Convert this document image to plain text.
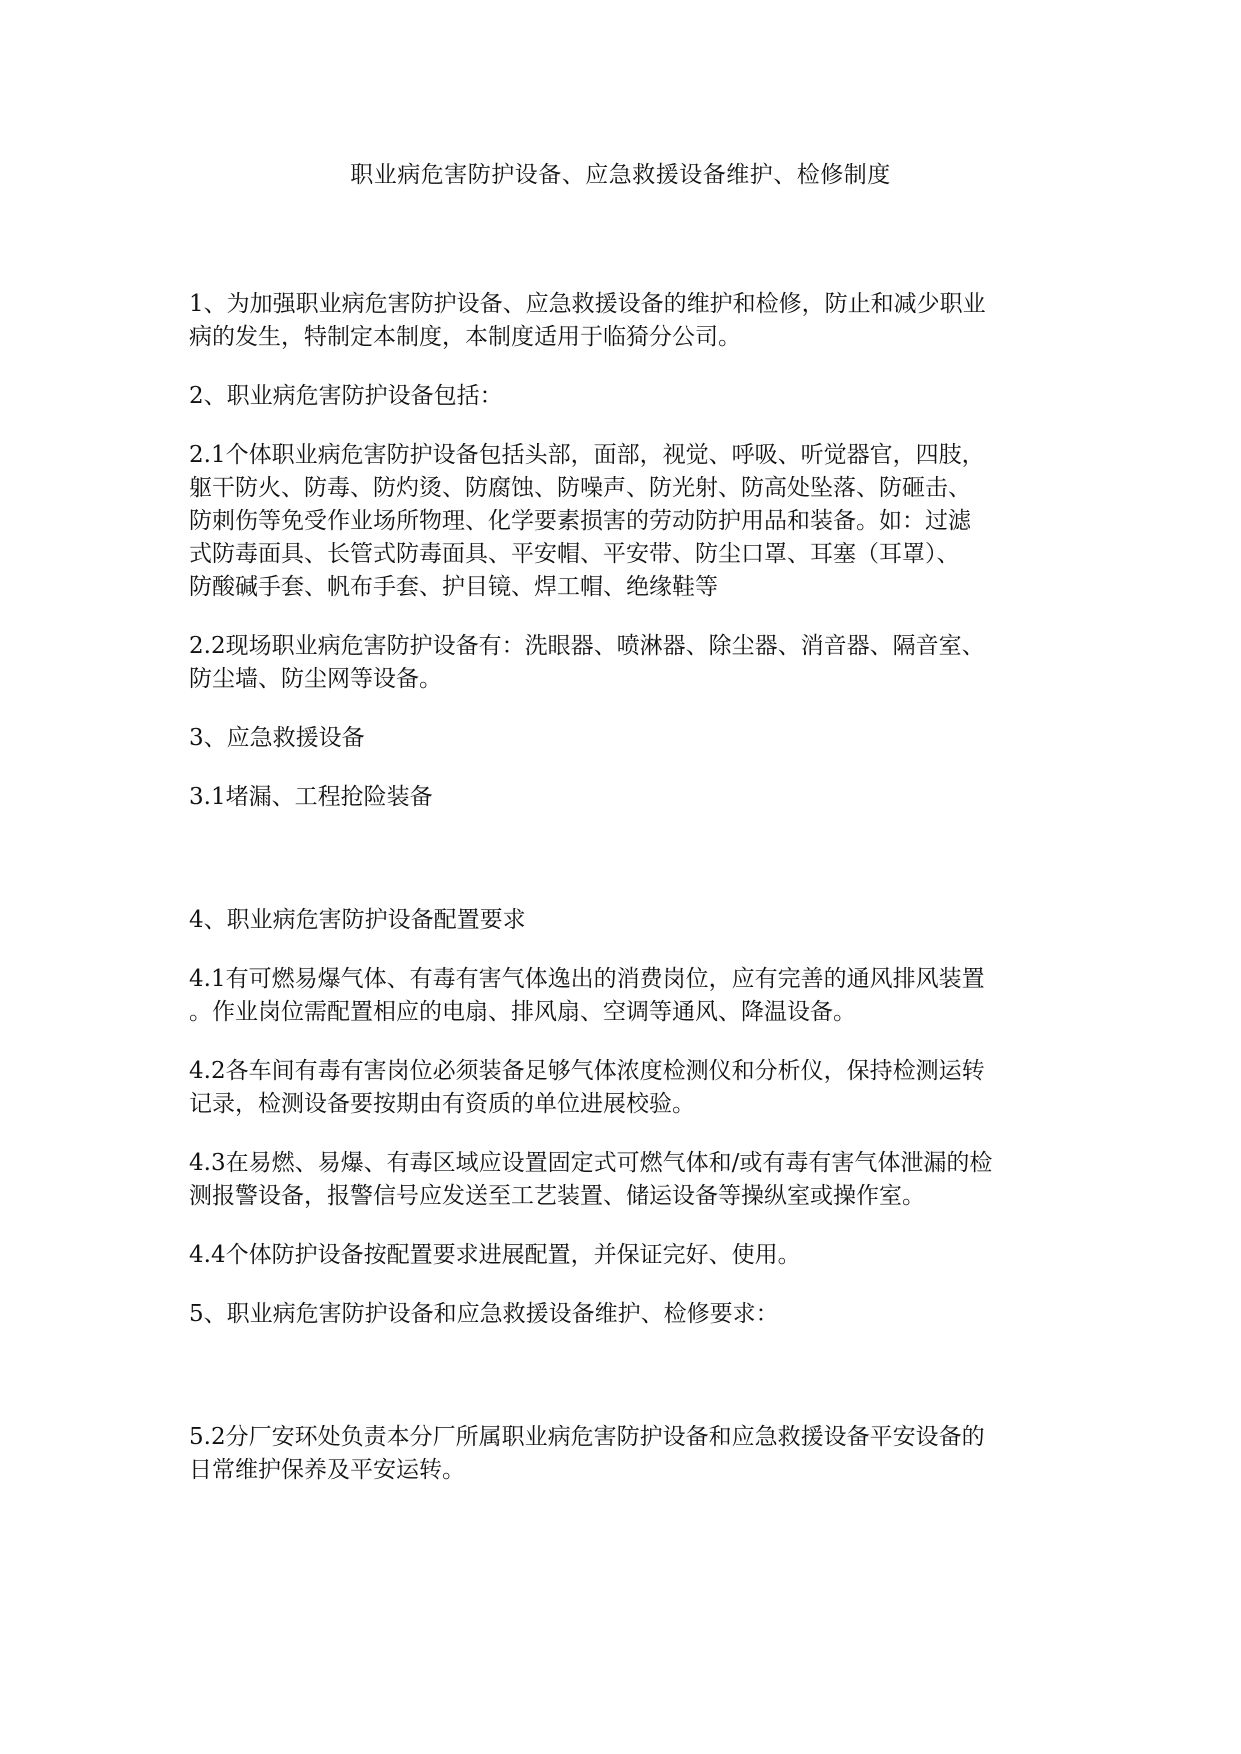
职业病危害防护设备、应急救援设备维护、检修制度

1、为加强职业病危害防护设备、应急救援设备的维护和检修，防止和减少职业
病的发生，特制定本制度，本制度适用于临猗分公司。

2、职业病危害防护设备包括：

2.1个体职业病危害防护设备包括头部，面部，视觉、呼吸、听觉器官，四肢，
躯干防火、防毒、防灼烫、防腐蚀、防噪声、防光射、防高处坠落、防砸击、
防刺伤等免受作业场所物理、化学要素损害的劳动防护用品和装备。如：过滤
式防毒面具、长管式防毒面具、平安帽、平安带、防尘口罩、耳塞（耳罩）、
防酸碱手套、帆布手套、护目镜、焊工帽、绝缘鞋等

2.2现场职业病危害防护设备有：洗眼器、喷淋器、除尘器、消音器、隔音室、
防尘墙、防尘网等设备。

3、应急救援设备

3.1堵漏、工程抢险装备

4、职业病危害防护设备配置要求

4.1有可燃易爆气体、有毒有害气体逸出的消费岗位，应有完善的通风排风装置
。作业岗位需配置相应的电扇、排风扇、空调等通风、降温设备。

4.2各车间有毒有害岗位必须装备足够气体浓度检测仪和分析仪，保持检测运转
记录，检测设备要按期由有资质的单位进展校验。

4.3在易燃、易爆、有毒区域应设置固定式可燃气体和/或有毒有害气体泄漏的检
测报警设备，报警信号应发送至工艺装置、储运设备等操纵室或操作室。

4.4个体防护设备按配置要求进展配置，并保证完好、使用。

5、职业病危害防护设备和应急救援设备维护、检修要求：

5.2分厂安环处负责本分厂所属职业病危害防护设备和应急救援设备平安设备的
日常维护保养及平安运转。
